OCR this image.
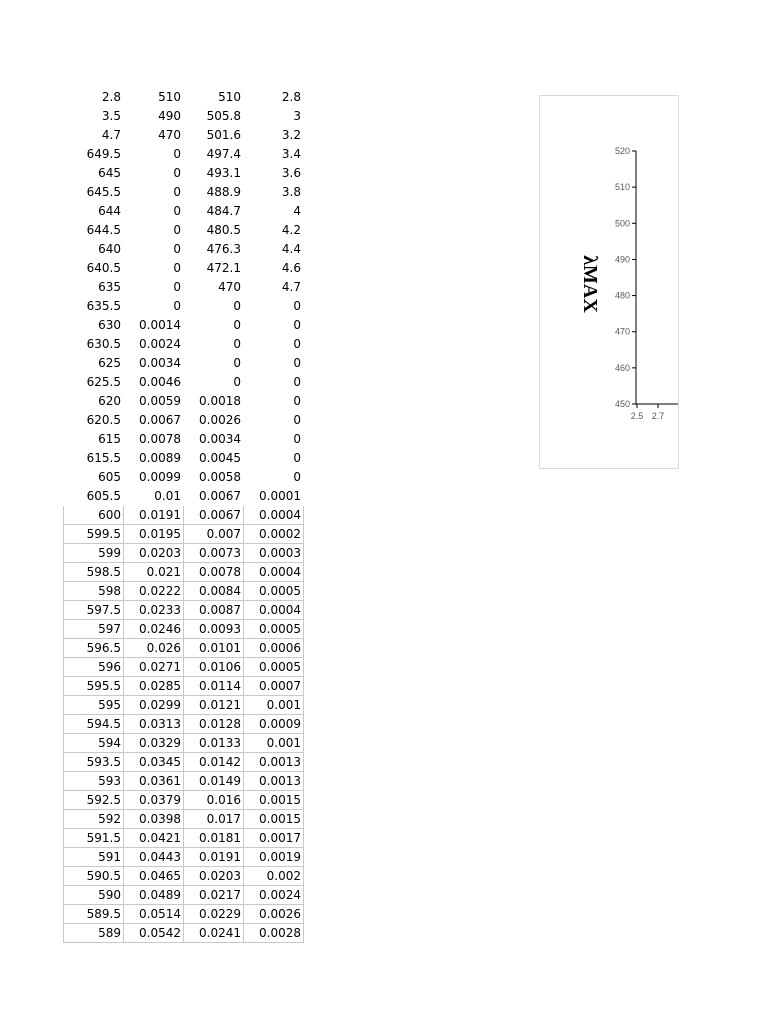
2.8	510	510	2.8
3.5	490	505.8	3
4.7	470	501.6	3.2
649.5	0	497.4	3.4
645	0	493.1	3.6
645.5	0	488.9	3.8
644	0	484.7	4
644.5	0	480.5	4.2
640	0	476.3	4.4
640.5	0	472.1	4.6
635	0	470	4.7
635.5	0	0	0
630	0.0014	0	0
630.5	0.0024	0	0
625	0.0034	0	0
625.5	0.0046	0	0
620	0.0059	0.0018	0
620.5	0.0067	0.0026	0
615	0.0078	0.0034	0
615.5	0.0089	0.0045	0
605	0.0099	0.0058	0
605.5	0.01	0.0067	0.0001
600	0.0191	0.0067	0.0004
599.5	0.0195	0.007	0.0002
599	0.0203	0.0073	0.0003
598.5	0.021	0.0078	0.0004
598	0.0222	0.0084	0.0005
597.5	0.0233	0.0087	0.0004
597	0.0246	0.0093	0.0005
596.5	0.026	0.0101	0.0006
596	0.0271	0.0106	0.0005
595.5	0.0285	0.0114	0.0007
595	0.0299	0.0121	0.001
594.5	0.0313	0.0128	0.0009
594	0.0329	0.0133	0.001
593.5	0.0345	0.0142	0.0013
593	0.0361	0.0149	0.0013
592.5	0.0379	0.016	0.0015
592	0.0398	0.017	0.0015
591.5	0.0421	0.0181	0.0017
591	0.0443	0.0191	0.0019
590.5	0.0465	0.0203	0.002
590	0.0489	0.0217	0.0024
589.5	0.0514	0.0229	0.0026
589	0.0542	0.0241	0.0028
λMAX
450
460
470
480
490
500
510
520
2.5 2.7
